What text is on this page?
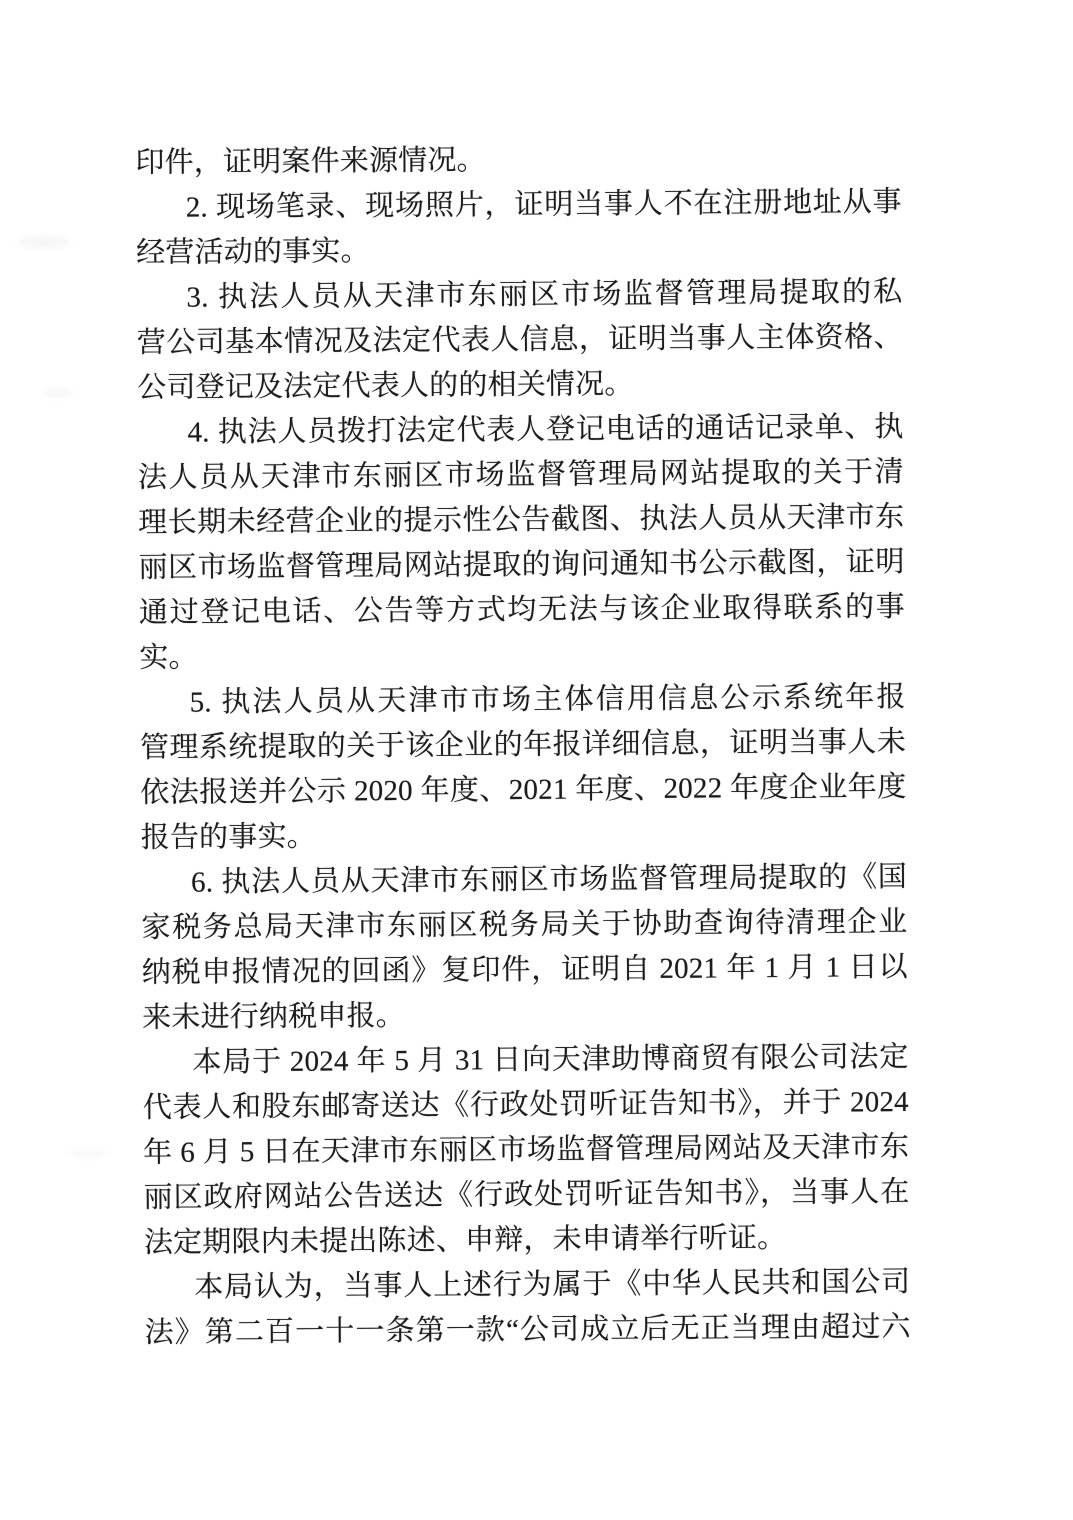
印件，证明案件来源情况。
2. 现场笔录、现场照片，证明当事人不在注册地址从事
经营活动的事实。
3. 执法人员从天津市东丽区市场监督管理局提取的私
营公司基本情况及法定代表人信息，证明当事人主体资格、
公司登记及法定代表人的的相关情况。
4. 执法人员拨打法定代表人登记电话的通话记录单、执
法人员从天津市东丽区市场监督管理局网站提取的关于清
理长期未经营企业的提示性公告截图、执法人员从天津市东
丽区市场监督管理局网站提取的询问通知书公示截图，证明
通过登记电话、公告等方式均无法与该企业取得联系的事
实。
5. 执法人员从天津市市场主体信用信息公示系统年报
管理系统提取的关于该企业的年报详细信息，证明当事人未
依法报送并公示 2020 年度、2021 年度、2022 年度企业年度
报告的事实。
6. 执法人员从天津市东丽区市场监督管理局提取的《国
家税务总局天津市东丽区税务局关于协助查询待清理企业
纳税申报情况的回函》复印件，证明自 2021 年 1 月 1 日以
来未进行纳税申报。
本局于 2024 年 5 月 31 日向天津助博商贸有限公司法定
代表人和股东邮寄送达《行政处罚听证告知书》，并于 2024
年 6 月 5 日在天津市东丽区市场监督管理局网站及天津市东
丽区政府网站公告送达《行政处罚听证告知书》，当事人在
法定期限内未提出陈述、申辩，未申请举行听证。
本局认为，当事人上述行为属于《中华人民共和国公司
法》第二百一十一条第一款“公司成立后无正当理由超过六
